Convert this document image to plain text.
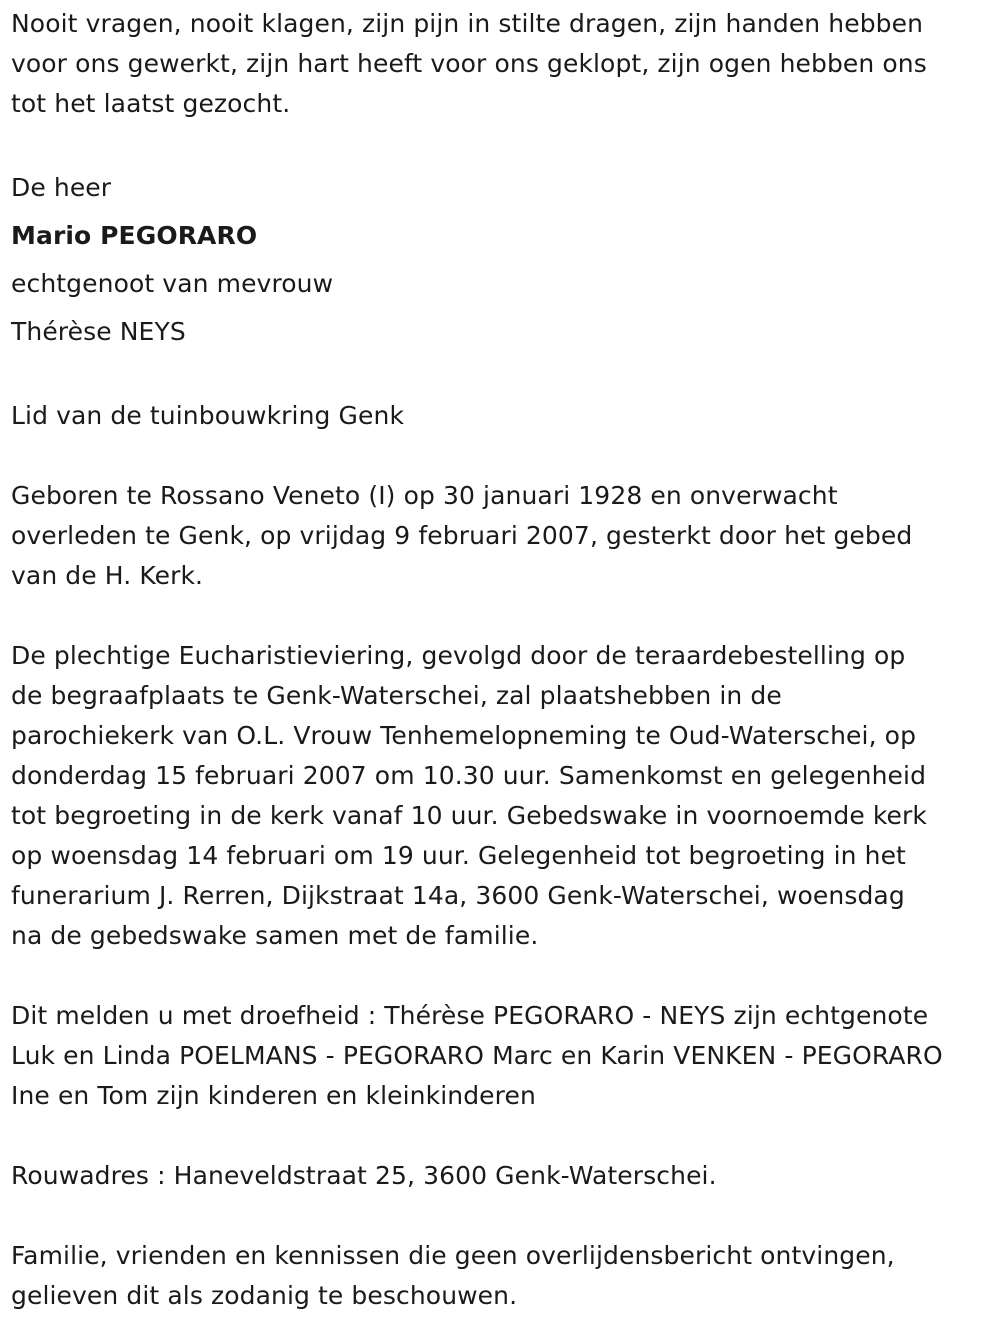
Nooit vragen, nooit klagen, zijn pijn in stilte dragen, zijn handen hebben
voor ons gewerkt, zijn hart heeft voor ons geklopt, zijn ogen hebben ons
tot het laatst gezocht.
De heer
Mario PEGORARO
echtgenoot van mevrouw
Thérèse NEYS
Lid van de tuinbouwkring Genk
Geboren te Rossano Veneto (I) op 30 januari 1928 en onverwacht
overleden te Genk, op vrijdag 9 februari 2007, gesterkt door het gebed
van de H. Kerk.
De plechtige Eucharistieviering, gevolgd door de teraardebestelling op
de begraafplaats te Genk-Waterschei, zal plaatshebben in de
parochiekerk van O.L. Vrouw Tenhemelopneming te Oud-Waterschei, op
donderdag 15 februari 2007 om 10.30 uur. Samenkomst en gelegenheid
tot begroeting in de kerk vanaf 10 uur. Gebedswake in voornoemde kerk
op woensdag 14 februari om 19 uur. Gelegenheid tot begroeting in het
funerarium J. Rerren, Dijkstraat 14a, 3600 Genk-Waterschei, woensdag
na de gebedswake samen met de familie.
Dit melden u met droefheid : Thérèse PEGORARO - NEYS zijn echtgenote
Luk en Linda POELMANS - PEGORARO Marc en Karin VENKEN - PEGORARO
Ine en Tom zijn kinderen en kleinkinderen
Rouwadres : Haneveldstraat 25, 3600 Genk-Waterschei.
Familie, vrienden en kennissen die geen overlijdensbericht ontvingen,
gelieven dit als zodanig te beschouwen.
